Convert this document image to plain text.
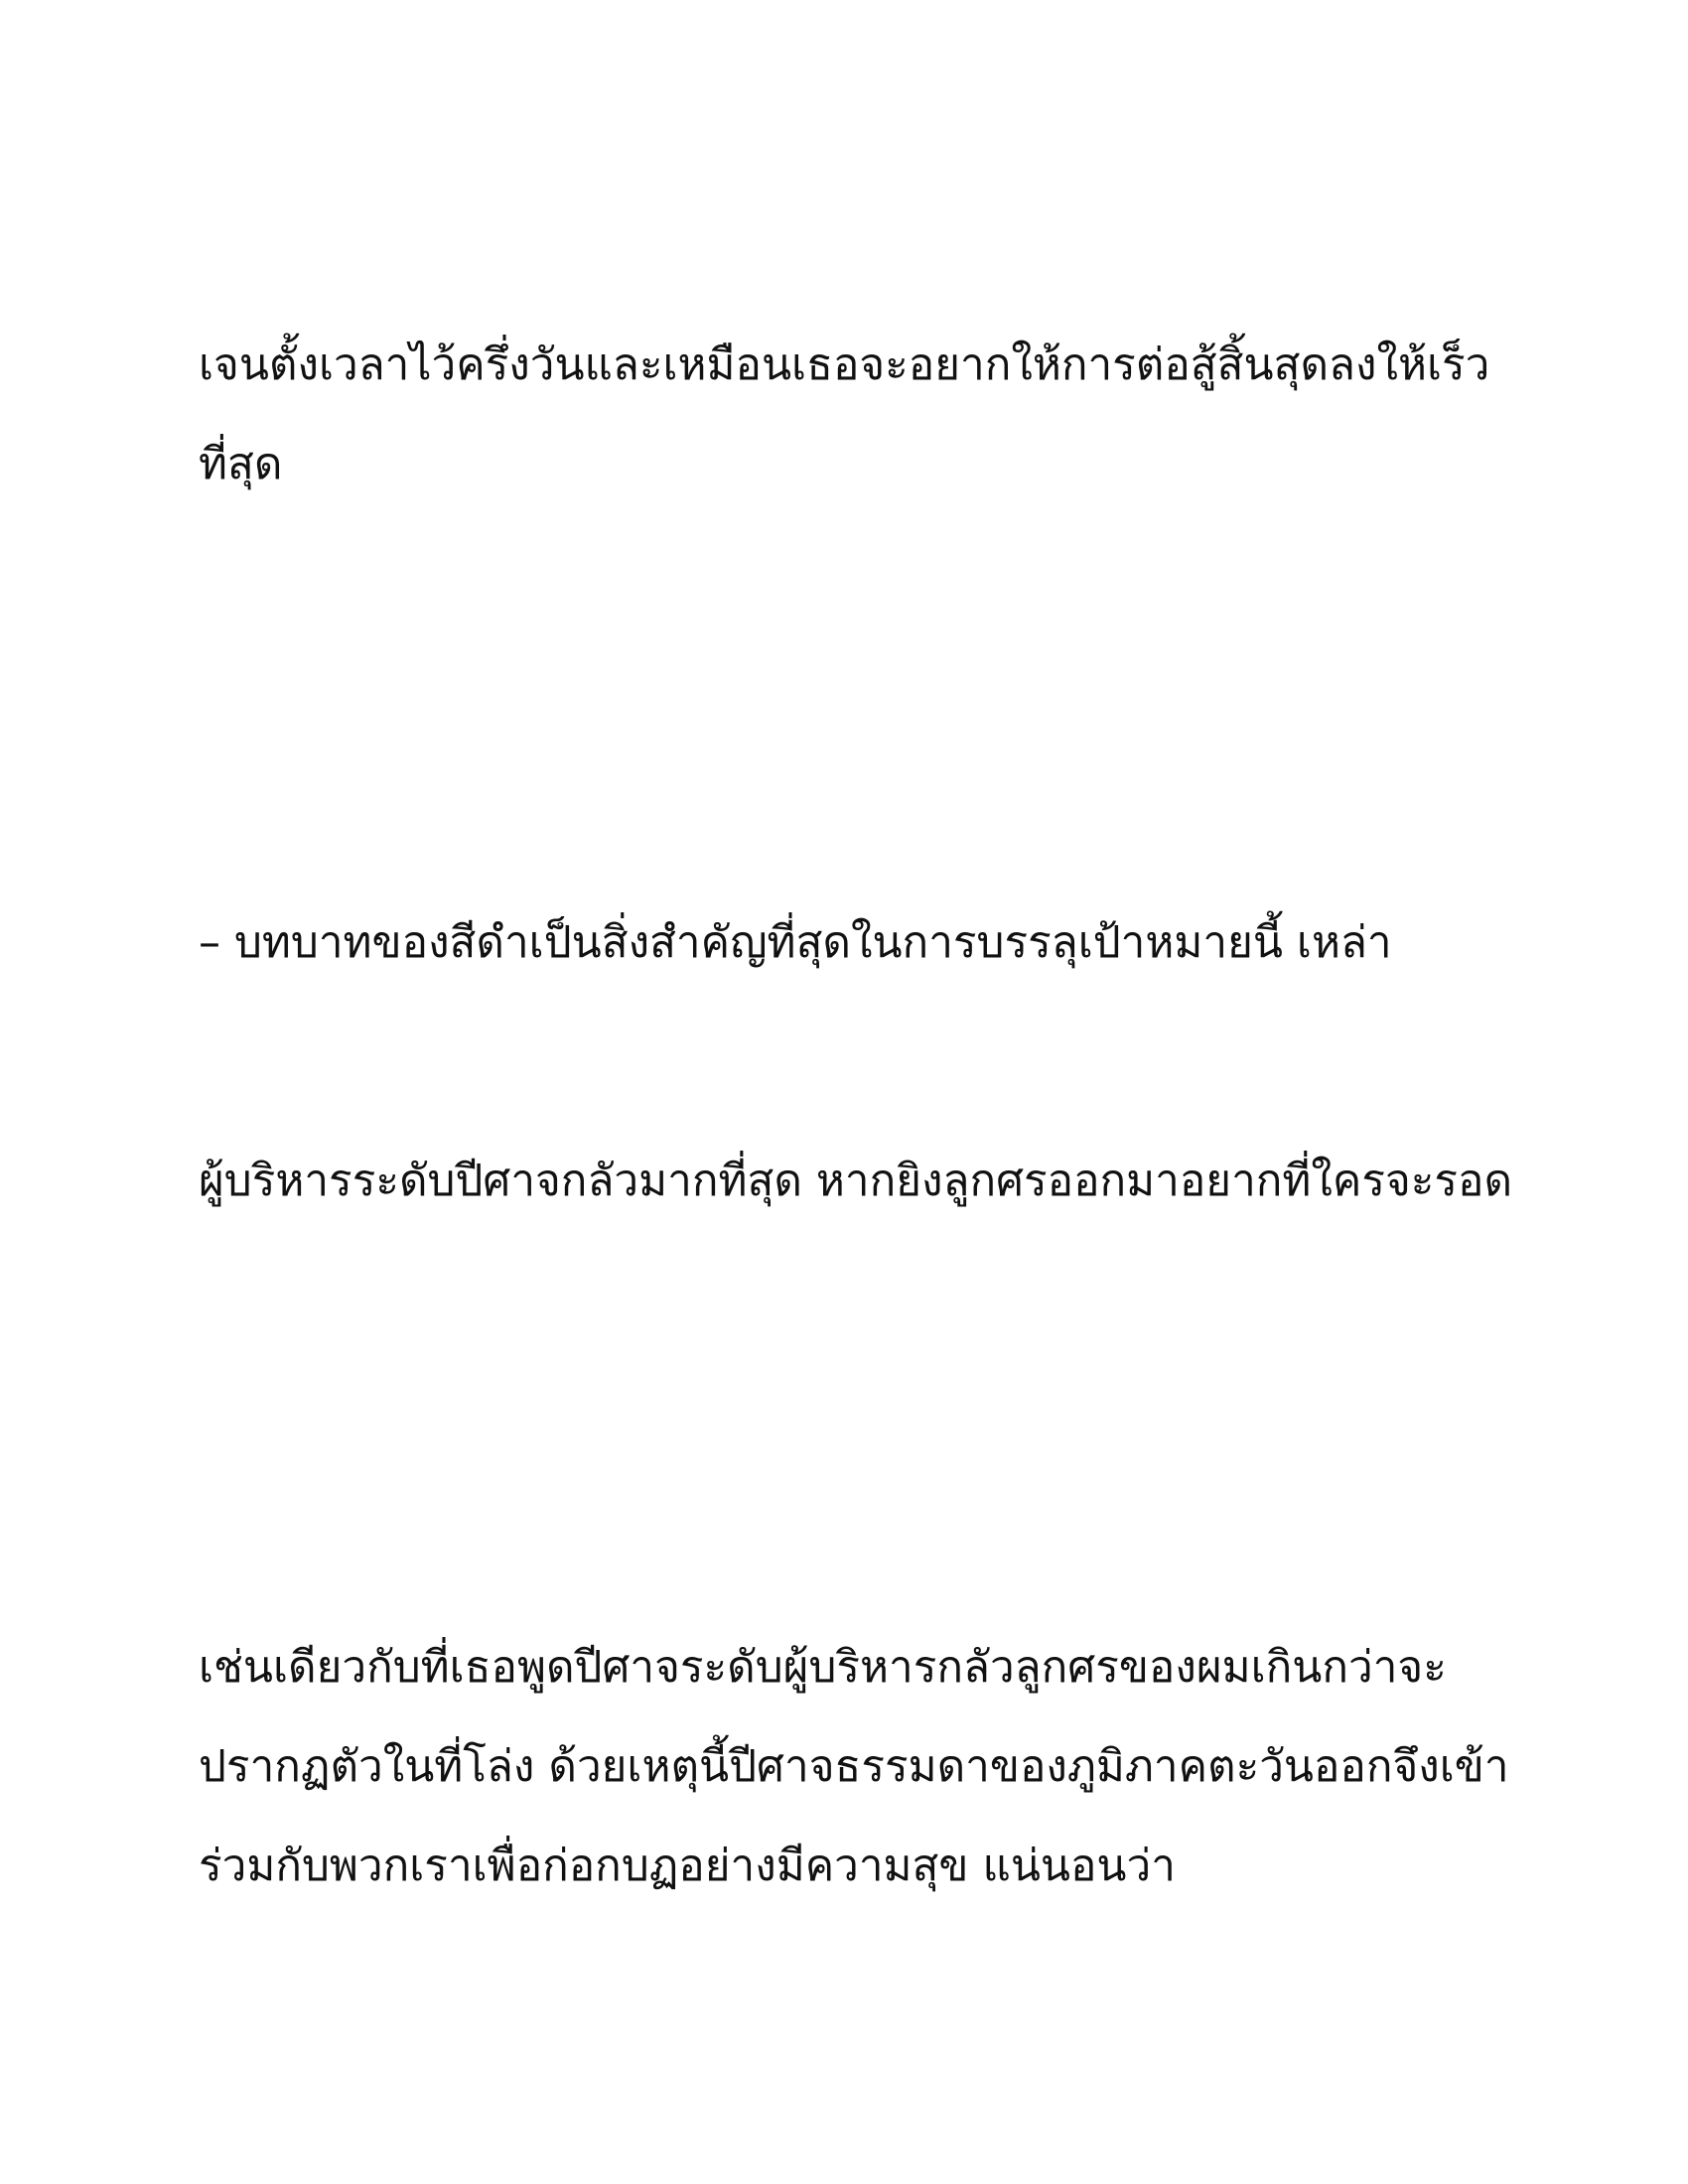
เจนตั้งเวลาไว้ครึ่งวันและเหมือนเธอจะอยากให้การต่อสู้สิ้นสุดลงให้เร็ว
ที่สุด

– บทบาทของสีดำเป็นสิ่งสำคัญที่สุดในการบรรลุเป้าหมายนี้ เหล่า

ผู้บริหารระดับปีศาจกลัวมากที่สุด หากยิงลูกศรออกมาอยากที่ใครจะรอด

เช่นเดียวกับที่เธอพูดปีศาจระดับผู้บริหารกลัวลูกศรของผมเกินกว่าจะ
ปรากฏตัวในที่โล่ง ด้วยเหตุนี้ปีศาจธรรมดาของภูมิภาคตะวันออกจึงเข้า
ร่วมกับพวกเราเพื่อก่อกบฏอย่างมีความสุข แน่นอนว่า
